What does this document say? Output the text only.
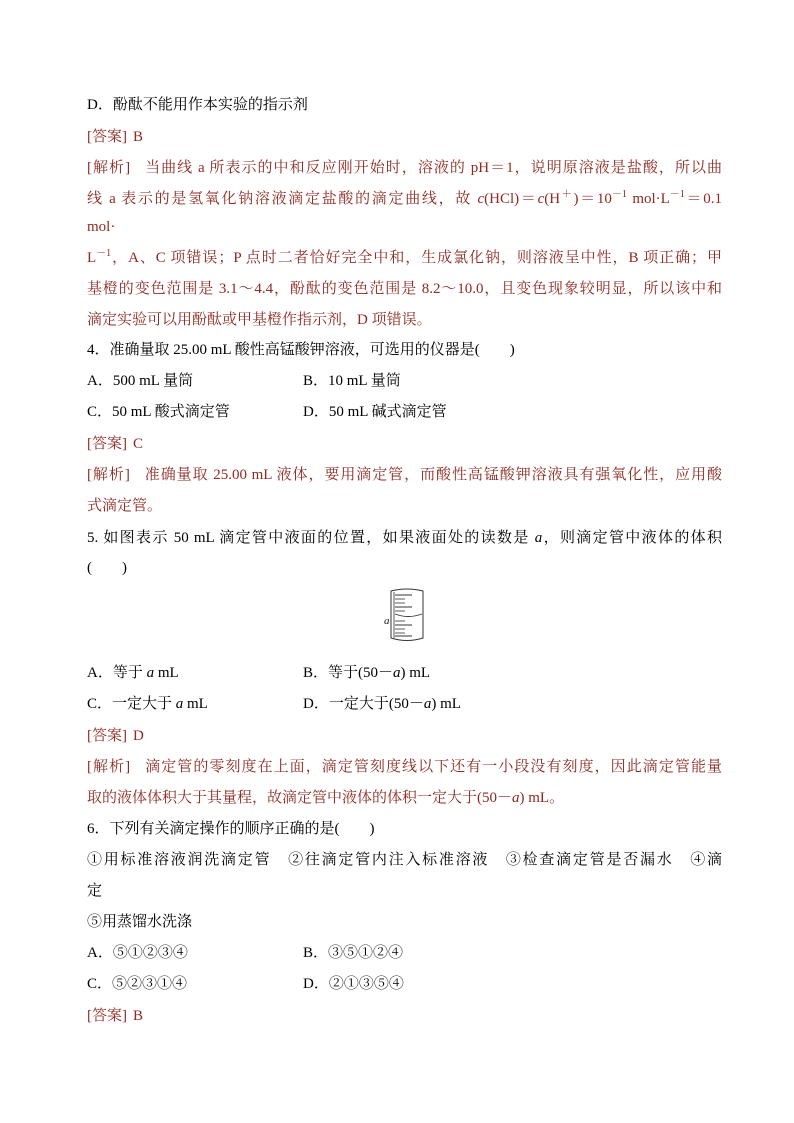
D．酚酞不能用作本实验的指示剂
[答案] B
[解析] 当曲线 a 所表示的中和反应刚开始时，溶液的 pH＝1，说明原溶液是盐酸，所以曲
线 a 表示的是氢氧化钠溶液滴定盐酸的滴定曲线，故 $c(HCl)=c(H^+)=10^{-1}$ $mol\cdot L^{-1}=0.1$
mol·
$L^{-1}$，A、C 项错误；P 点时二者恰好完全中和，生成氯化钠，则溶液呈中性，B 项正确；甲
基橙的变色范围是 3.1～4.4，酚酞的变色范围是 8.2～10.0，且变色现象较明显，所以该中和
滴定实验可以用酚酞或甲基橙作指示剂，D 项错误。
4．准确量取 25.00 mL 酸性高锰酸钾溶液，可选用的仪器是(　　)
A．500 mL 量筒	B．10 mL 量筒
C．50 mL 酸式滴定管	D．50 mL 碱式滴定管
[答案] C
[解析] 准确量取 25.00 mL 液体，要用滴定管，而酸性高锰酸钾溶液具有强氧化性，应用酸
式滴定管。
5. 如图表示 50 mL 滴定管中液面的位置，如果液面处的读数是 a，则滴定管中液体的体积
(　　)
a
A．等于 a mL	B．等于(50－a) mL
C．一定大于 a mL	D．一定大于(50－a) mL
[答案] D
[解析] 滴定管的零刻度在上面，滴定管刻度线以下还有一小段没有刻度，因此滴定管能量
取的液体体积大于其量程，故滴定管中液体的体积一定大于(50－a) mL。
6．下列有关滴定操作的顺序正确的是(　　)
①用标准溶液润洗滴定管　②往滴定管内注入标准溶液　③检查滴定管是否漏水　④滴
定
⑤用蒸馏水洗涤
A．⑤①②③④	B．③⑤①②④
C．⑤②③①④	D．②①③⑤④
[答案] B
